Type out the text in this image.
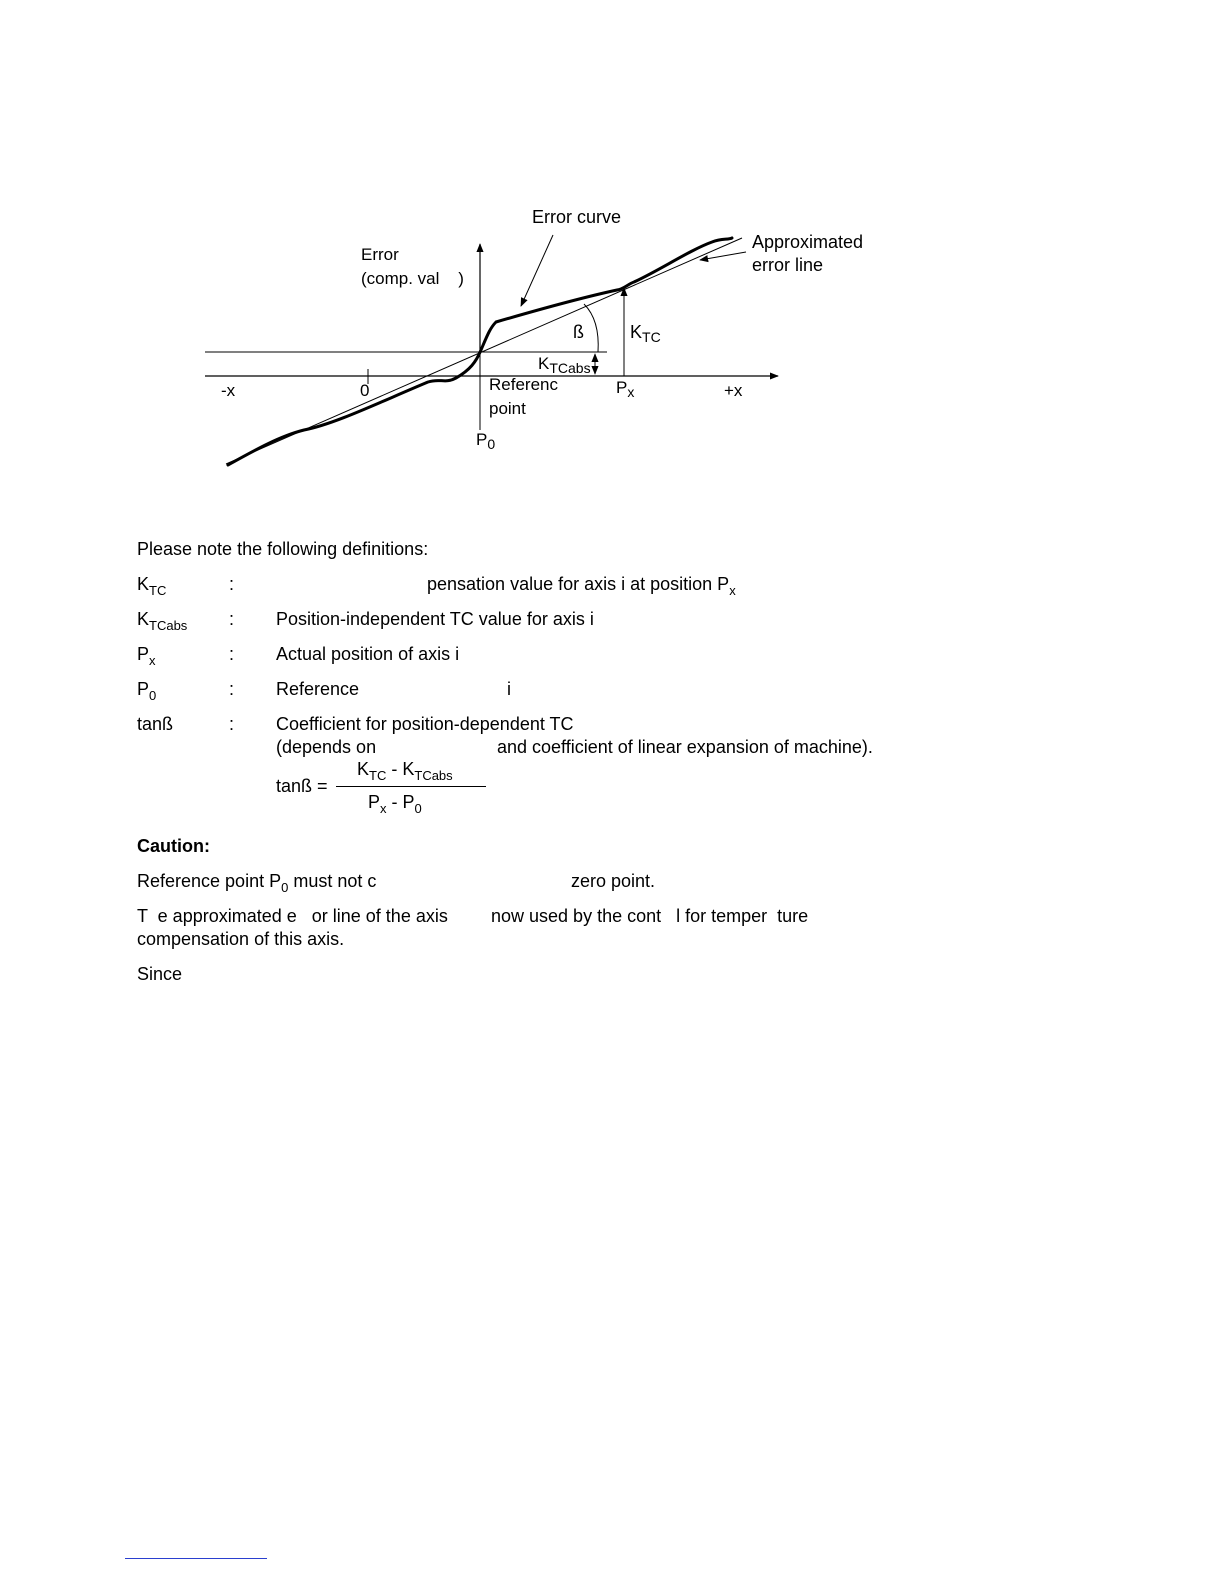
Error curve
Approximated
error line
Error
(comp. val    )
ß	$K_{TC}$
$K_{TCabs}$
-x	0	Referenc
point
$P_x$	+x
$P_0$
Please note the following definitions:
$K_{TC}$	:	pensation value for axis i at position $P_x$
$K_{TCabs}$ : Position-independent TC value for axis i
$P_x$	: Actual position of axis i
$P_0$	: Reference	i
tanß	: Coefficient for position-dependent TC
(depends on	and coefficient of linear expansion of machine).
tanß =
$K_{TC} - K_{TCabs}$
$P_x - P_0$
Caution:
Reference point $P_0$ must not c	zero point.
T  e approximated e   or line of the axis now used by the cont   l for temper  ture
compensation of this axis.
Since
